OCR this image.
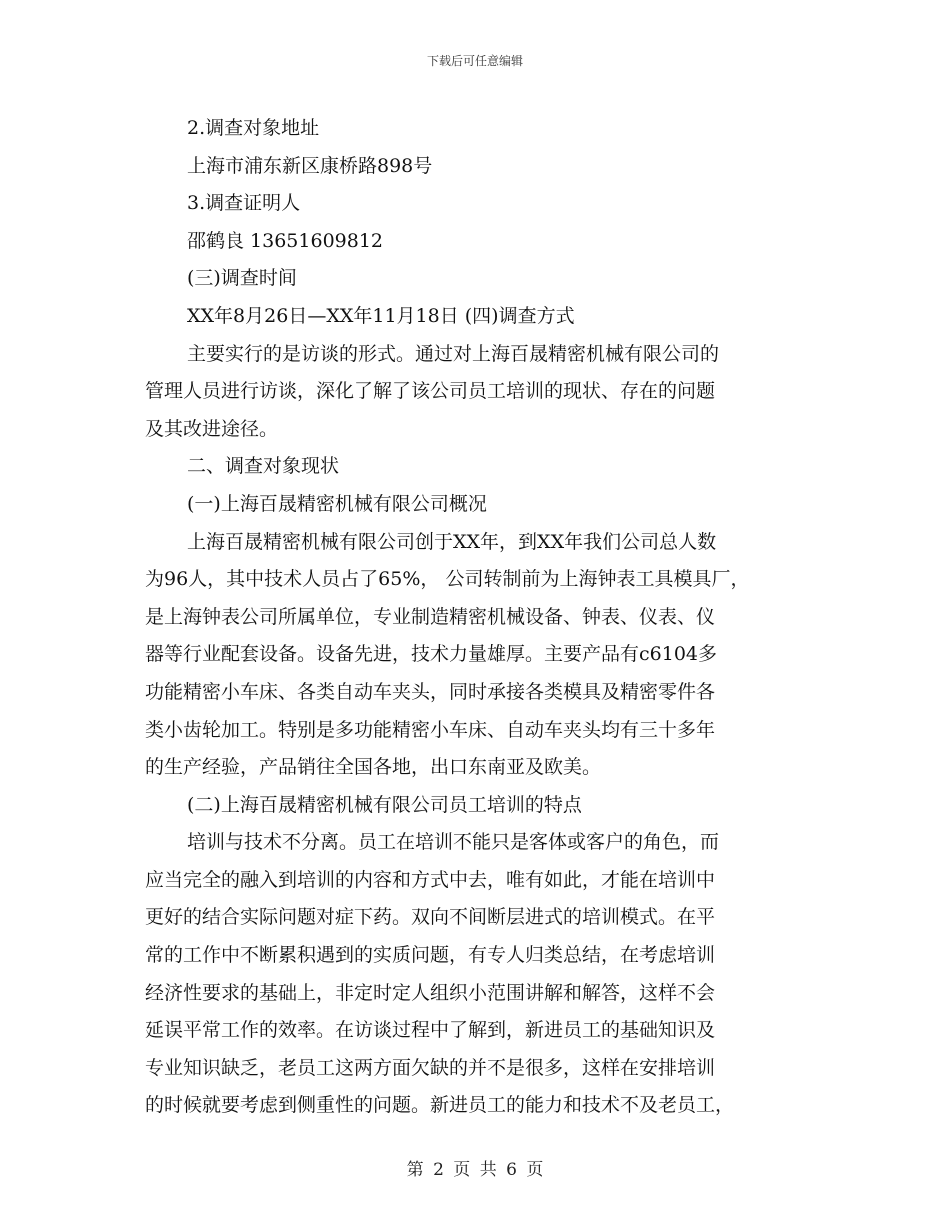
下载后可任意编辑
2.调查对象地址
上海市浦东新区康桥路898号
3.调查证明人
邵鹤良 13651609812
(三)调查时间
XX年8月26日—XX年11月18日 (四)调查方式
主要实行的是访谈的形式。通过对上海百晟精密机械有限公司的
管理人员进行访谈，深化了解了该公司员工培训的现状、存在的问题
及其改进途径。
二、调查对象现状
(一)上海百晟精密机械有限公司概况
上海百晟精密机械有限公司创于XX年，到XX年我们公司总人数
为96人，其中技术人员占了65%， 公司转制前为上海钟表工具模具厂，
是上海钟表公司所属单位，专业制造精密机械设备、钟表、仪表、仪
器等行业配套设备。设备先进，技术力量雄厚。主要产品有c6104多
功能精密小车床、各类自动车夹头，同时承接各类模具及精密零件各
类小齿轮加工。特别是多功能精密小车床、自动车夹头均有三十多年
的生产经验，产品销往全国各地，出口东南亚及欧美。
(二)上海百晟精密机械有限公司员工培训的特点
培训与技术不分离。员工在培训不能只是客体或客户的角色，而
应当完全的融入到培训的内容和方式中去，唯有如此，才能在培训中
更好的结合实际问题对症下药。双向不间断层进式的培训模式。在平
常的工作中不断累积遇到的实质问题，有专人归类总结，在考虑培训
经济性要求的基础上，非定时定人组织小范围讲解和解答，这样不会
延误平常工作的效率。在访谈过程中了解到，新进员工的基础知识及
专业知识缺乏，老员工这两方面欠缺的并不是很多，这样在安排培训
的时候就要考虑到侧重性的问题。新进员工的能力和技术不及老员工，
第 2 页 共 6 页
